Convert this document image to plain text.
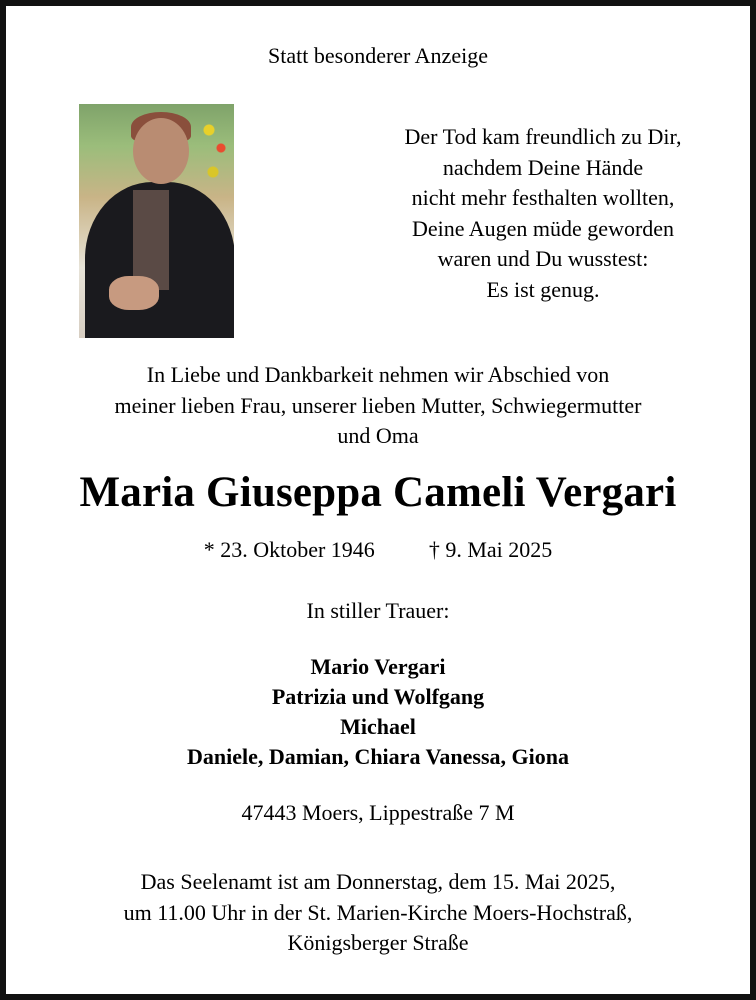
Statt besonderer Anzeige
Der Tod kam freundlich zu Dir,
nachdem Deine Hände
nicht mehr festhalten wollten,
Deine Augen müde geworden
waren und Du wusstest:
Es ist genug.
In Liebe und Dankbarkeit nehmen wir Abschied von
meiner lieben Frau, unserer lieben Mutter, Schwiegermutter
und Oma
Maria Giuseppa Cameli Vergari
* 23. Oktober 1946 † 9. Mai 2025
In stiller Trauer:
Mario Vergari
Patrizia und Wolfgang
Michael
Daniele, Damian, Chiara Vanessa, Giona
47443 Moers, Lippestraße 7 M
Das Seelenamt ist am Donnerstag, dem 15. Mai 2025,
um 11.00 Uhr in der St. Marien-Kirche Moers-Hochstraß,
Königsberger Straße
